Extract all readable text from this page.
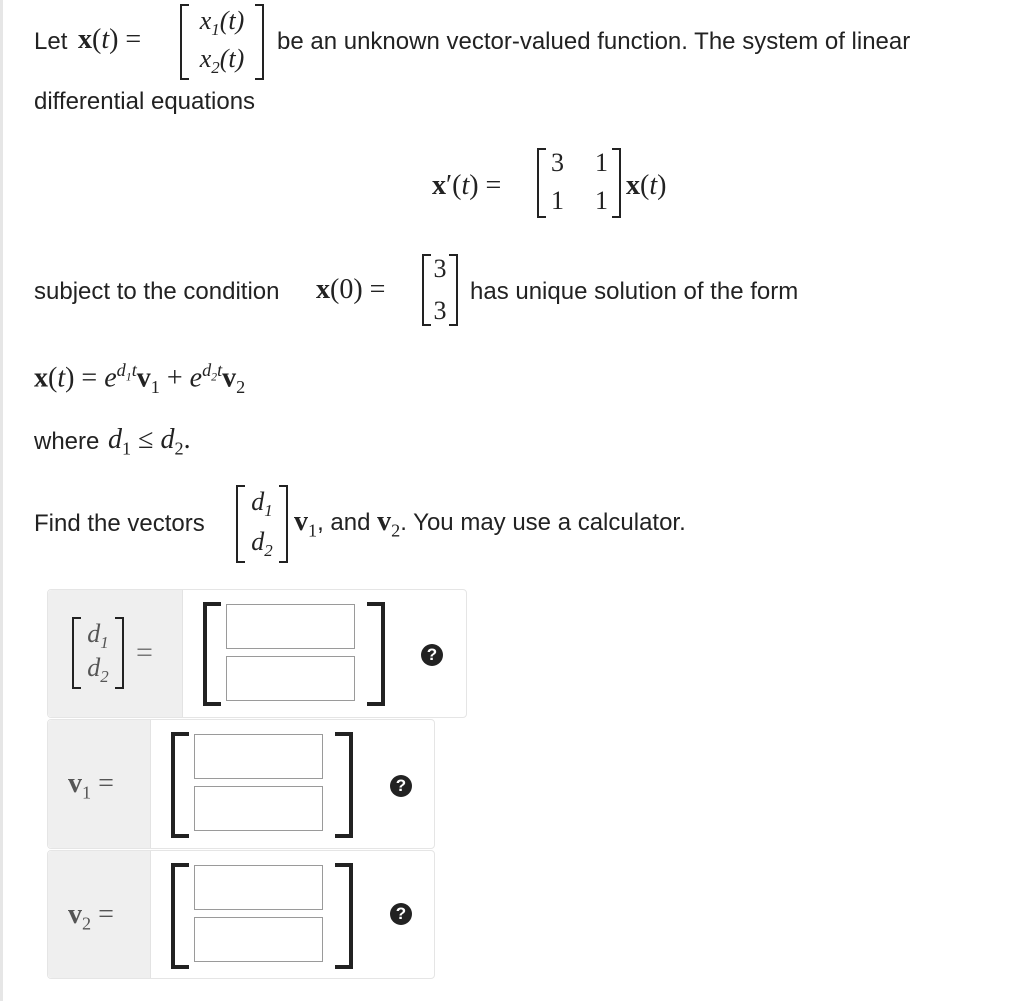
Let x(t) =
$x_1(t)$
$x_2(t)$
be an unknown vector-valued function. The system of linear
differential equations
x′(t) =
3 1
1 1 x(t)
subject to the condition x(0) =
3
3
has unique solution of the form
$x(t) = e^{d_1t}v_1 + e^{d_2t}v_2$
where $d_1 \le d_2$.
Find the vectors
$d_1$
$d_2$
$v_1$, and $v_2$. You may use a calculator.
$d_1$
$d_2$
=	?
$v_1$ =	?
$v_2$ =	?
